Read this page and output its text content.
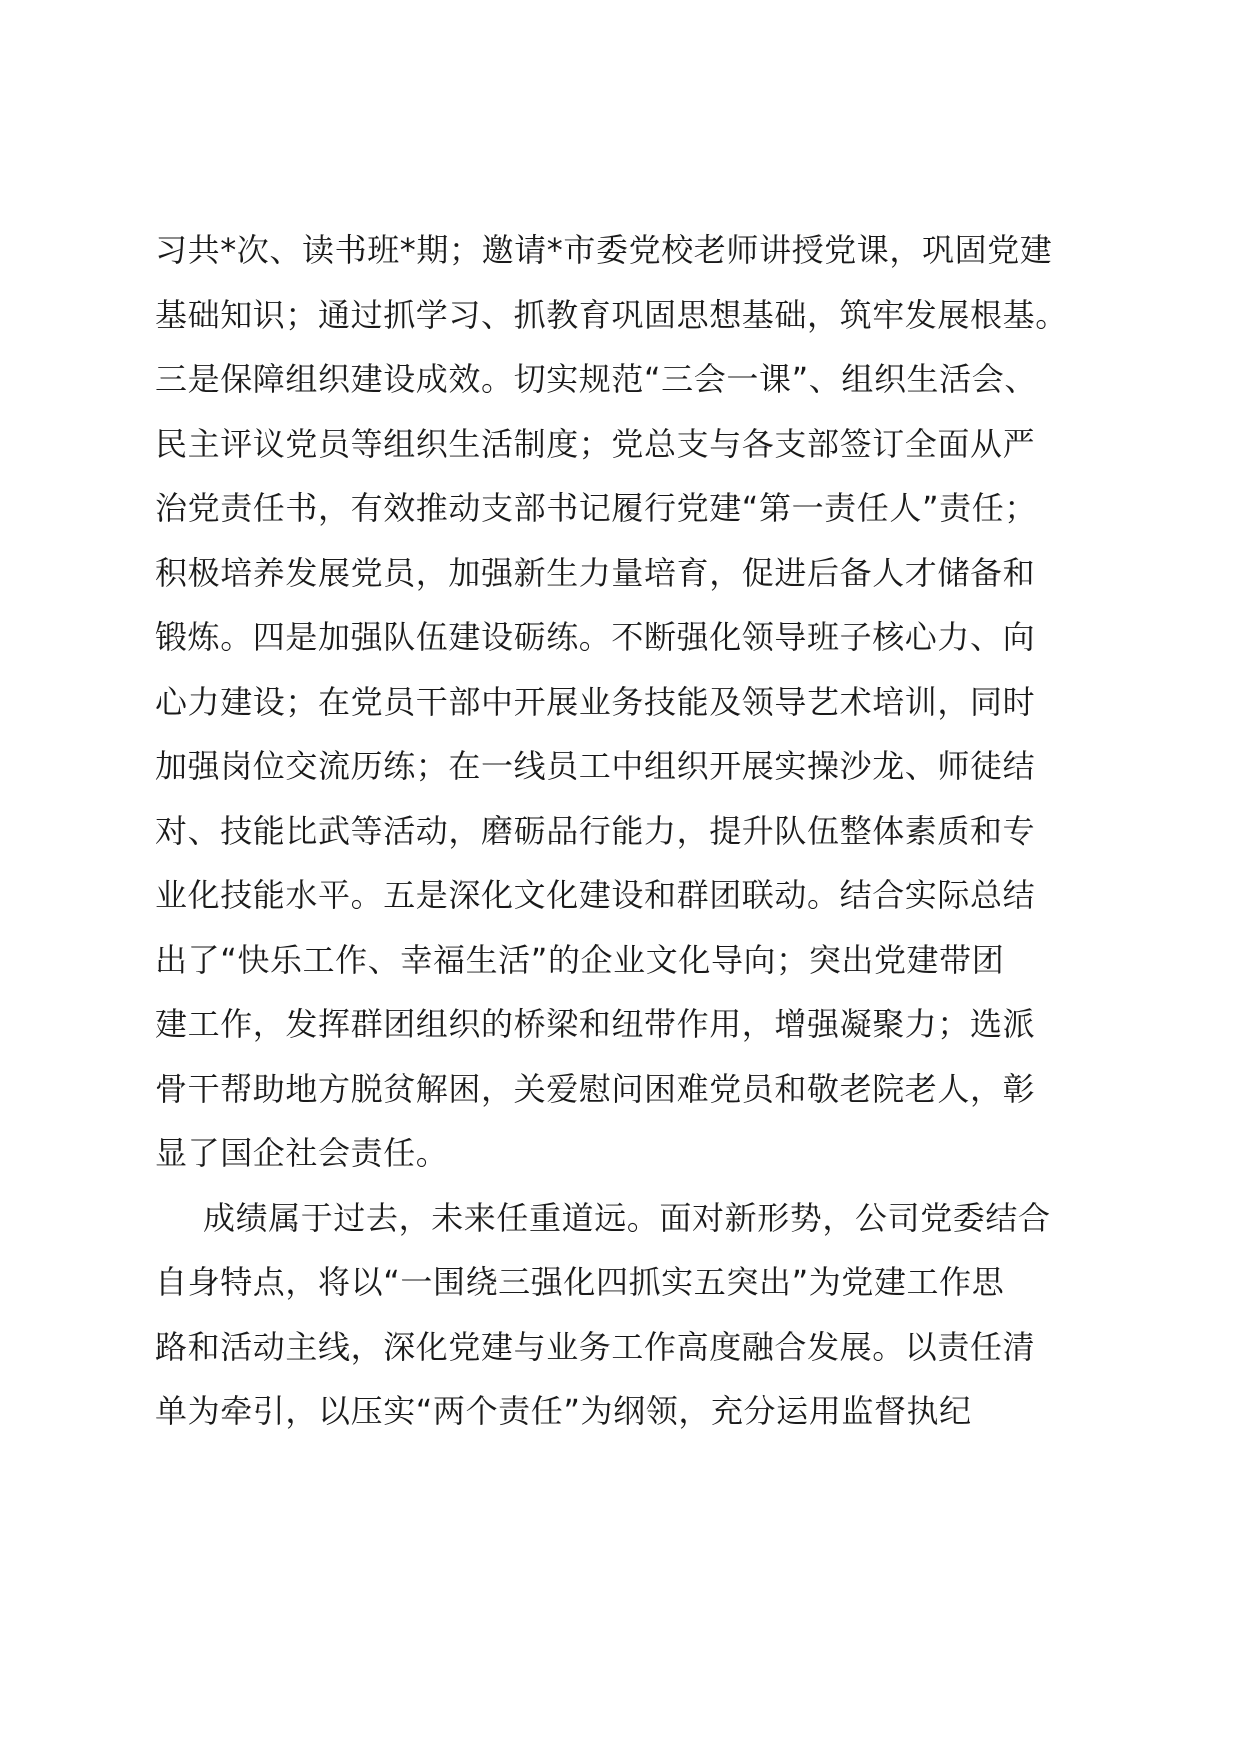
习共*次、读书班*期；邀请*市委党校老师讲授党课，巩固党建
基础知识；通过抓学习、抓教育巩固思想基础，筑牢发展根基。
三是保障组织建设成效。切实规范“三会一课”、组织生活会、
民主评议党员等组织生活制度；党总支与各支部签订全面从严
治党责任书，有效推动支部书记履行党建“第一责任人”责任；
积极培养发展党员，加强新生力量培育，促进后备人才储备和
锻炼。四是加强队伍建设砺练。不断强化领导班子核心力、向
心力建设；在党员干部中开展业务技能及领导艺术培训，同时
加强岗位交流历练；在一线员工中组织开展实操沙龙、师徒结
对、技能比武等活动，磨砺品行能力，提升队伍整体素质和专
业化技能水平。五是深化文化建设和群团联动。结合实际总结
出了“快乐工作、幸福生活”的企业文化导向；突出党建带团
建工作，发挥群团组织的桥梁和纽带作用，增强凝聚力；选派
骨干帮助地方脱贫解困，关爱慰问困难党员和敬老院老人，彰
显了国企社会责任。
成绩属于过去，未来任重道远。面对新形势，公司党委结合
自身特点，将以“一围绕三强化四抓实五突出”为党建工作思
路和活动主线，深化党建与业务工作高度融合发展。以责任清
单为牵引，以压实“两个责任”为纲领，充分运用监督执纪
